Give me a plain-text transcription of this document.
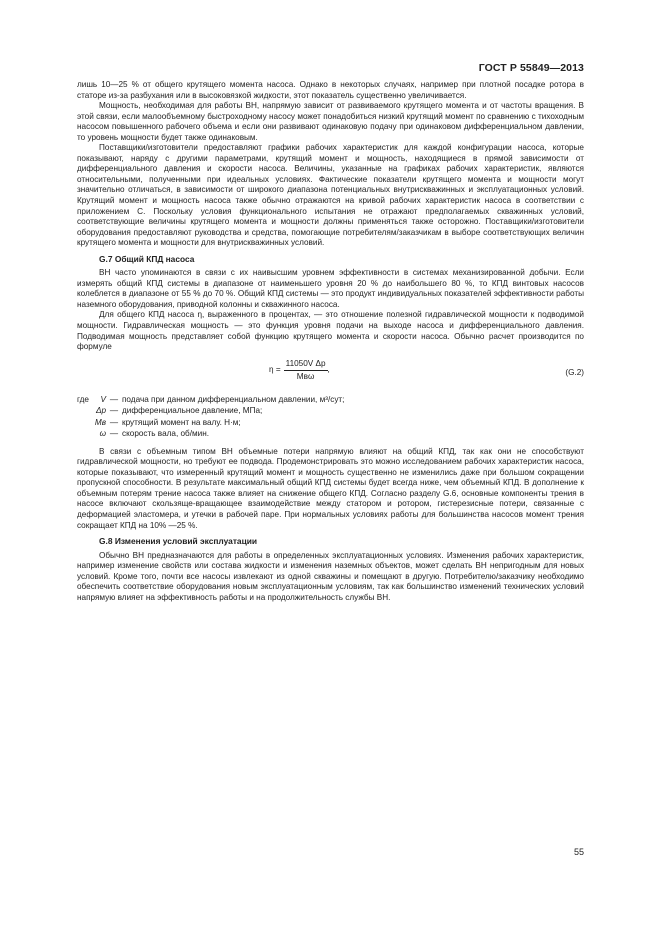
ГОСТ Р 55849—2013

лишь 10—25 % от общего крутящего момента насоса. Однако в некоторых случаях, например при плотной посадке ротора в статоре из-за разбухания или в высоковязкой жидкости, этот показатель существенно увеличивается.

Мощность, необходимая для работы ВН, напрямую зависит от развиваемого крутящего момента и от частоты вращения. В этой связи, если малообъемному быстроходному насосу может понадобиться низкий крутящий момент по сравнению с тихоходным насосом повышенного рабочего объема и если они развивают одинаковую подачу при одинаковом дифференциальном давлении, то уровень мощности будет также одинаковым.

Поставщики/изготовители предоставляют графики рабочих характеристик для каждой конфигурации насоса, которые показывают, наряду с другими параметрами, крутящий момент и мощность, находящиеся в прямой зависимости от дифференциального давления и скорости насоса. Величины, указанные на графиках рабочих характеристик, являются относительными, полученными при идеальных условиях. Фактические показатели крутящего момента и мощности могут значительно отличаться, в зависимости от широкого диапазона потенциальных внутрискважинных и эксплуатационных условий. Крутящий момент и мощность насоса также обычно отражаются на кривой рабочих характеристик насоса в соответствии с приложением C. Поскольку условия функционального испытания не отражают предполагаемых скважинных условий, соответствующие величины крутящего момента и мощности должны применяться также осторожно. Поставщики/изготовители оборудования предоставляют руководства и средства, помогающие потребителям/заказчикам в выборе соответствующих величин крутящего момента и мощности для внутрискважинных условий.

G.7 Общий КПД насоса

ВН часто упоминаются в связи с их наивысшим уровнем эффективности в системах механизированной добычи. Если измерять общий КПД системы в диапазоне от наименьшего уровня 20 % до наибольшего 80 %, то КПД винтовых насосов колеблется в диапазоне от 55 % до 70 %. Общий КПД системы — это продукт индивидуальных показателей эффективности работы наземного оборудования, приводной колонны и скважинного насоса.

Для общего КПД насоса η, выраженного в процентах, — это отношение полезной гидравлической мощности к подводимой мощности. Гидравлическая мощность — это функция уровня подачи на выходе насоса и дифференциального давления. Подводимая мощность представляет собой функцию крутящего момента и скорости насоса. Обычно расчет производится по формуле

$\eta = \frac{\text{11050V Δp}}{\text{Mвω}}$ ,	(G.2)
где	V — подача при данном дифференциальном давлении, м³/сут;
Δp — дифференциальное давление, МПа;
Mв — крутящий момент на валу. Н·м;
ω — скорость вала, об/мин.

В связи с объемным типом ВН объемные потери напрямую влияют на общий КПД, так как они не способствуют гидравлической мощности, но требуют ее подвода. Продемонстрировать это можно исследованием рабочих характеристик насоса, которые показывают, что измеренный крутящий момент и мощность существенно не изменились даже при большом сокращении пропускной способности. В результате максимальный общий КПД системы будет всегда ниже, чем объемный КПД. В дополнение к объемным потерям трение насоса также влияет на снижение общего КПД. Согласно разделу G.6, основные компоненты трения в насосе включают скользяще-вращающее взаимодействие между статором и ротором, гистерезисные потери, связанные с деформацией эластомера, и утечки в рабочей паре. При нормальных условиях работы для большинства насосов момент трения сокращает КПД на 10% —25 %.

G.8 Изменения условий эксплуатации

Обычно ВН предназначаются для работы в определенных эксплуатационных условиях. Изменения рабочих характеристик, например изменение свойств или состава жидкости и изменения наземных объектов, может сделать ВН непригодным для новых условий. Кроме того, почти все насосы извлекают из одной скважины и помещают в другую. Потребителю/заказчику необходимо обеспечить соответствие оборудования новым эксплуатационным условиям, так как большинство изменений технических условий напрямую влияет на эффективность работы и на продолжительность службы ВН.

55
